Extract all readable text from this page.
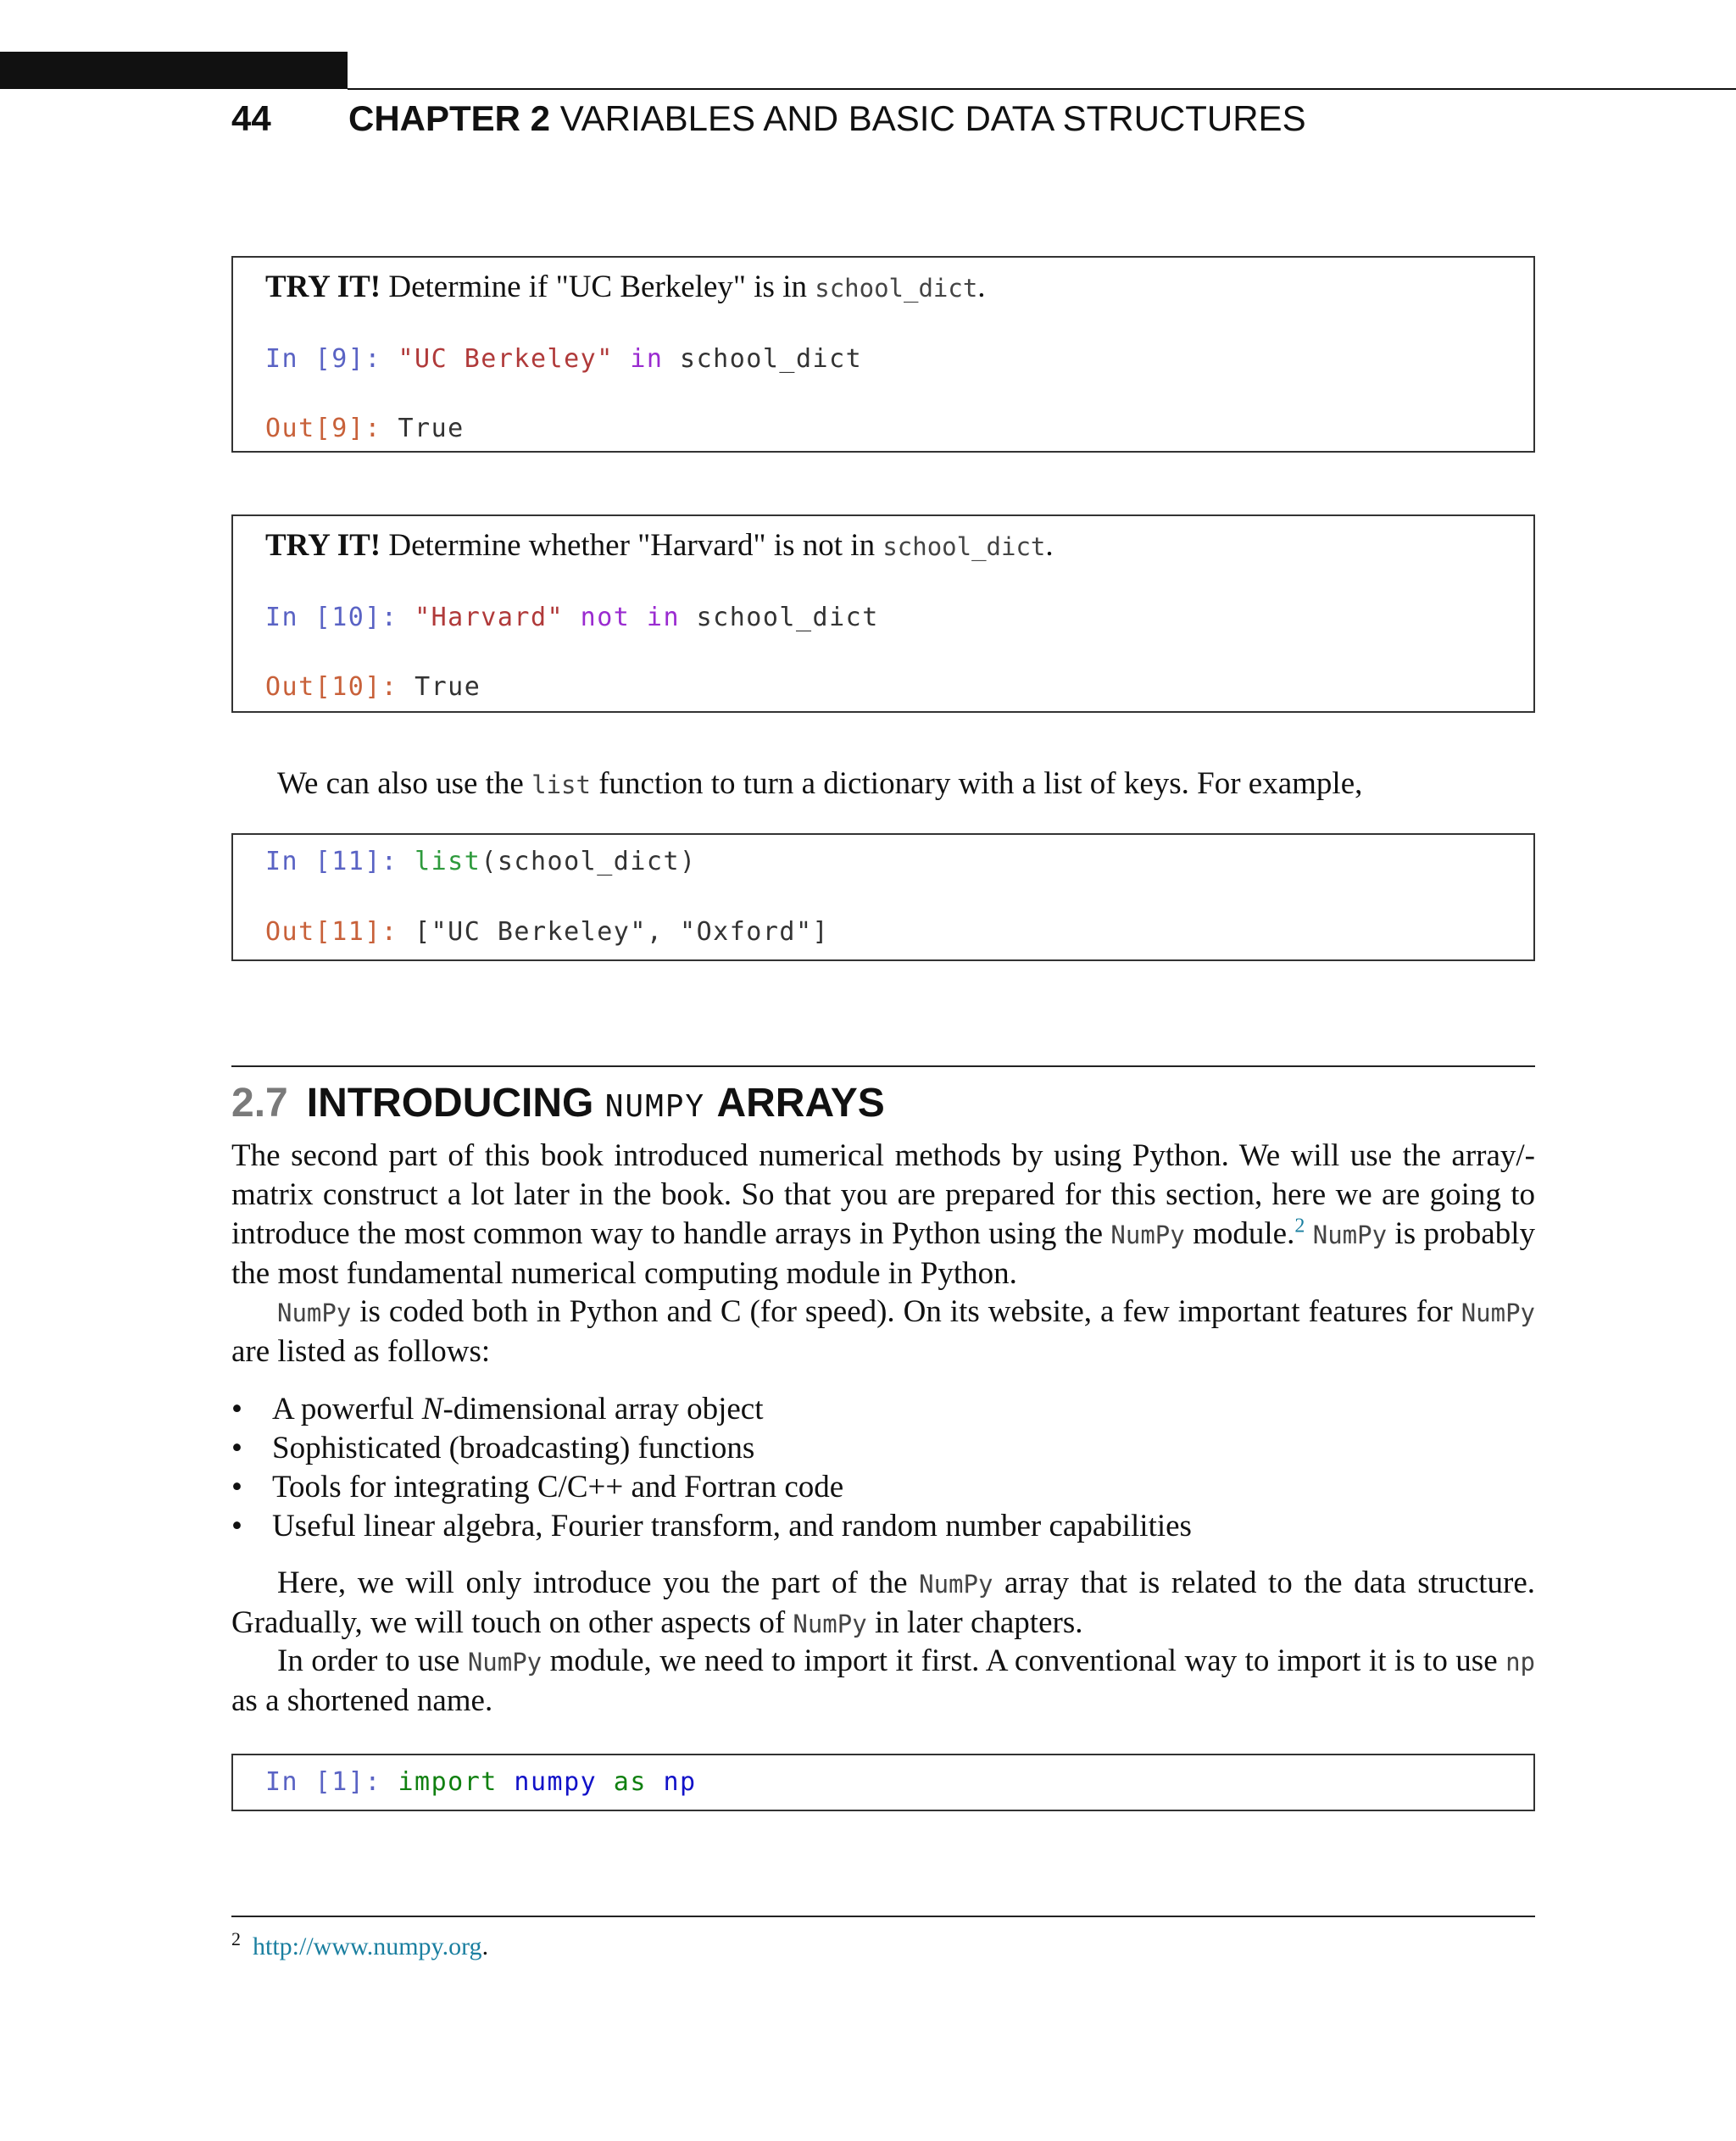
44 CHAPTER 2 VARIABLES AND BASIC DATA STRUCTURES
TRY IT! Determine if "UC Berkeley" is in school_dict.
In [9]: "UC Berkeley" in school_dict
Out[9]: True
TRY IT! Determine whether "Harvard" is not in school_dict.
In [10]: "Harvard" not in school_dict
Out[10]: True
We can also use the list function to turn a dictionary with a list of keys. For example,
In [11]: list(school_dict)
Out[11]: ["UC Berkeley", "Oxford"]
2.7 INTRODUCING NUMPY ARRAYS
The second part of this book introduced numerical methods by using Python. We will use the array/-matrix construct a lot later in the book. So that you are prepared for this section, here we are going to introduce the most common way to handle arrays in Python using the NumPy module.$^2$ NumPy is probably the most fundamental numerical computing module in Python.
NumPy is coded both in Python and C (for speed). On its website, a few important features for NumPy are listed as follows:
• A powerful N-dimensional array object
• Sophisticated (broadcasting) functions
• Tools for integrating C/C++ and Fortran code
• Useful linear algebra, Fourier transform, and random number capabilities
Here, we will only introduce you the part of the NumPy array that is related to the data structure. Gradually, we will touch on other aspects of NumPy in later chapters.
In order to use NumPy module, we need to import it first. A conventional way to import it is to use np as a shortened name.
In [1]: import numpy as np
$^2$ http://www.numpy.org.
